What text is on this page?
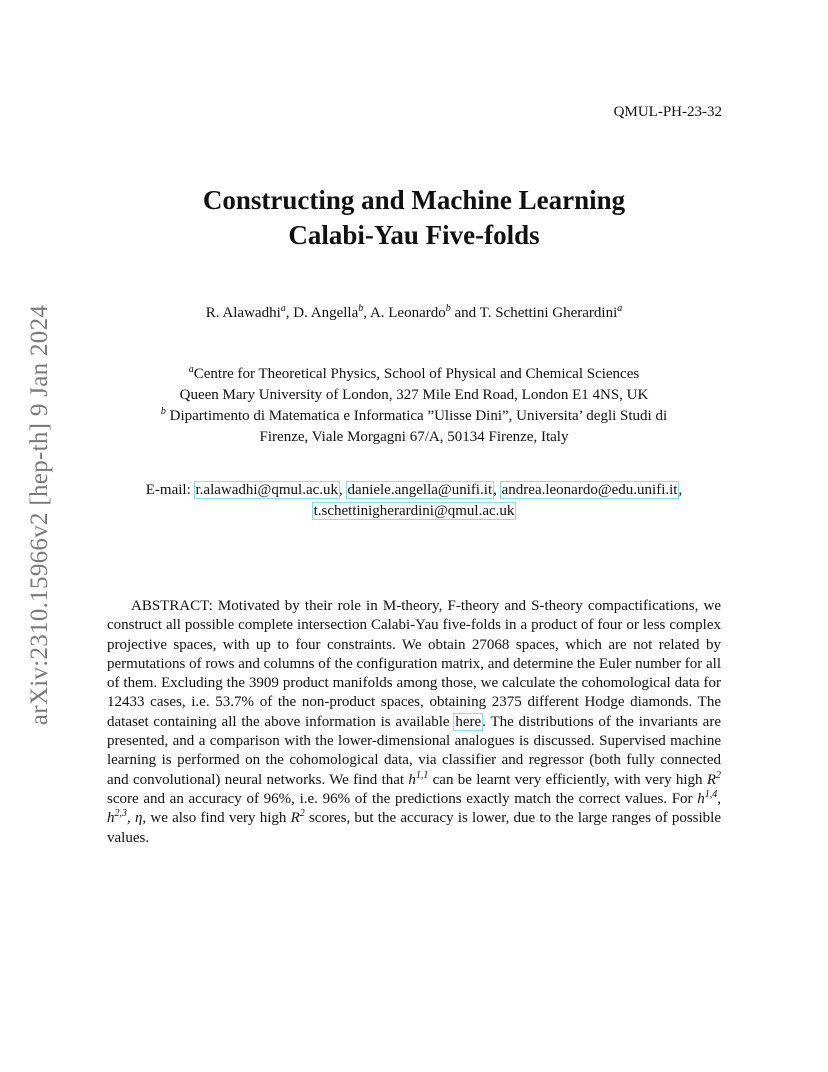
QMUL-PH-23-32
arXiv:2310.15966v2 [hep-th] 9 Jan 2024
Constructing and Machine Learning
Calabi-Yau Five-folds
R. Alawadhi$^a$, D. Angella$^b$, A. Leonardo$^b$ and T. Schettini Gherardini$^a$
$^a$Centre for Theoretical Physics, School of Physical and Chemical Sciences
Queen Mary University of London, 327 Mile End Road, London E1 4NS, UK
$^b$ Dipartimento di Matematica e Informatica ”Ulisse Dini”, Universita’ degli Studi di
Firenze, Viale Morgagni 67/A, 50134 Firenze, Italy
E-mail: r.alawadhi@qmul.ac.uk, daniele.angella@unifi.it, andrea.leonardo@edu.unifi.it,
t.schettinigherardini@qmul.ac.uk
ABSTRACT: Motivated by their role in M-theory, F-theory and S-theory compactifications, we construct all possible complete intersection Calabi-Yau five-folds in a product of four or less complex projective spaces, with up to four constraints. We obtain 27068 spaces, which are not related by permutations of rows and columns of the configuration matrix, and determine the Euler number for all of them. Excluding the 3909 product manifolds among those, we calculate the cohomological data for 12433 cases, i.e. 53.7% of the non-product spaces, obtaining 2375 different Hodge diamonds. The dataset containing all the above information is available here. The distributions of the invariants are presented, and a comparison with the lower-dimensional analogues is discussed. Supervised machine learning is performed on the cohomological data, via classifier and regressor (both fully connected and convolutional) neural networks. We find that $h^{1,1}$ can be learnt very efficiently, with very high $R^2$ score and an accuracy of 96%, i.e. 96% of the predictions exactly match the correct values. For $h^{1,4}$, $h^{2,3}$, η, we also find very high $R^2$ scores, but the accuracy is lower, due to the large ranges of possible values.
